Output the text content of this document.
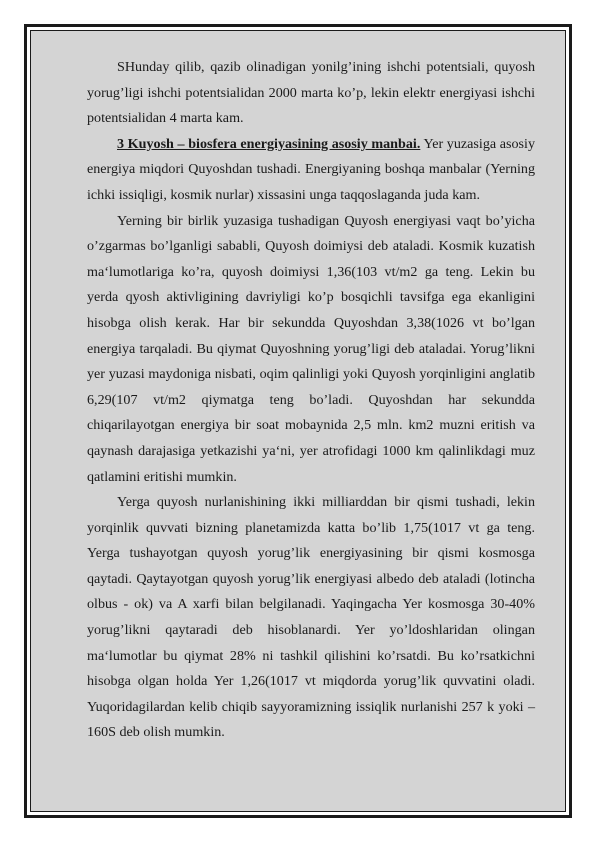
SHunday qilib, qazib olinadigan yonilg’ining ishchi potentsiali, quyosh yorug’ligi ishchi potentsialidan 2000 marta ko’p, lekin elektr energiyasi ishchi potentsialidan 4 marta kam.

3 Kuyosh – biosfera energiyasining asosiy manbai. Yer yuzasiga asosiy energiya miqdori Quyoshdan tushadi. Energiyaning boshqa manbalar (Yerning ichki issiqligi, kosmik nurlar) xissasini unga taqqoslaganda juda kam.

Yerning bir birlik yuzasiga tushadigan Quyosh energiyasi vaqt bo’yicha o’zgarmas bo’lganligi sababli, Quyosh doimiysi deb ataladi. Kosmik kuzatish ma‘lumotlariga ko’ra, quyosh doimiysi 1,36(103 vt/m2 ga teng. Lekin bu yerda qyosh aktivligining davriyligi ko’p bosqichli tavsifga ega ekanligini hisobga olish kerak. Har bir sekundda Quyoshdan 3,38(1026 vt bo’lgan energiya tarqaladi. Bu qiymat Quyoshning yorug’ligi deb ataladai. Yorug’likni yer yuzasi maydoniga nisbati, oqim qalinligi yoki Quyosh yorqinligini anglatib 6,29(107 vt/m2 qiymatga teng bo’ladi. Quyoshdan har sekundda chiqarilayotgan energiya bir soat mobaynida 2,5 mln. km2 muzni eritish va qaynash darajasiga yetkazishi ya‘ni, yer atrofidagi 1000 km qalinlikdagi muz qatlamini eritishi mumkin.

Yerga quyosh nurlanishining ikki milliarddan bir qismi tushadi, lekin yorqinlik quvvati bizning planetamizda katta bo’lib 1,75(1017 vt ga teng. Yerga tushayotgan quyosh yorug’lik energiyasining bir qismi kosmosga qaytadi. Qaytayotgan quyosh yorug’lik energiyasi albedo deb ataladi (lotincha olbus - ok) va A xarfi bilan belgilanadi. Yaqingacha Yer kosmosga 30-40% yorug’likni qaytaradi deb hisoblanardi. Yer yo’ldoshlaridan olingan ma‘lumotlar bu qiymat 28% ni tashkil qilishini ko’rsatdi. Bu ko’rsatkichni hisobga olgan holda Yer 1,26(1017 vt miqdorda yorug’lik quvvatini oladi. Yuqoridagilardan kelib chiqib sayyoramizning issiqlik nurlanishi 257 k yoki – 160S deb olish mumkin.
